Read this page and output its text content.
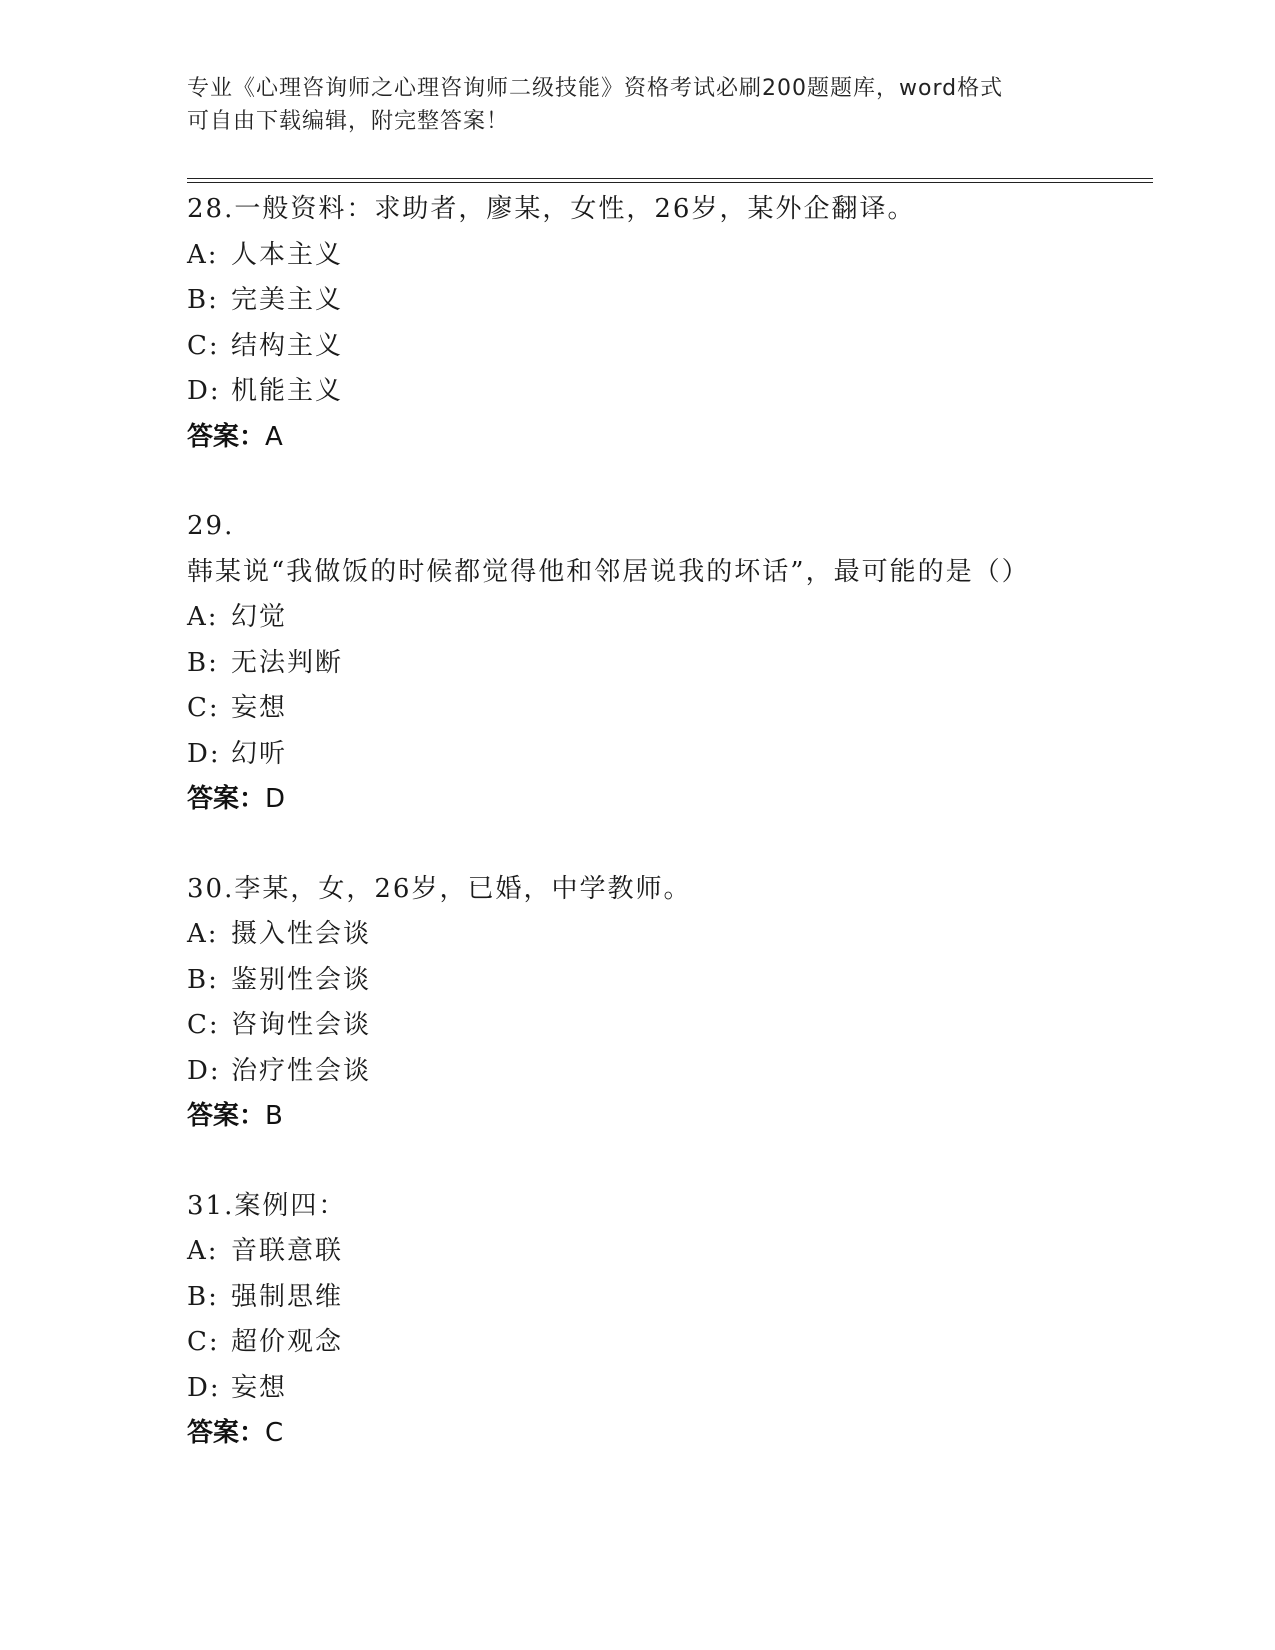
专业《心理咨询师之心理咨询师二级技能》资格考试必刷200题题库，word格式
可自由下载编辑，附完整答案！
28.一般资料：求助者，廖某，女性，26岁，某外企翻译。
A: 人本主义
B: 完美主义
C: 结构主义
D: 机能主义
答案：A
29.韩某说“我做饭的时候都觉得他和邻居说我的坏话”，最可能的是（）
A: 幻觉
B: 无法判断
C: 妄想
D: 幻听
答案：D
30.李某，女，26岁，已婚，中学教师。
A: 摄入性会谈
B: 鉴别性会谈
C: 咨询性会谈
D: 治疗性会谈
答案：B
31.案例四：
A: 音联意联
B: 强制思维
C: 超价观念
D: 妄想
答案：C
